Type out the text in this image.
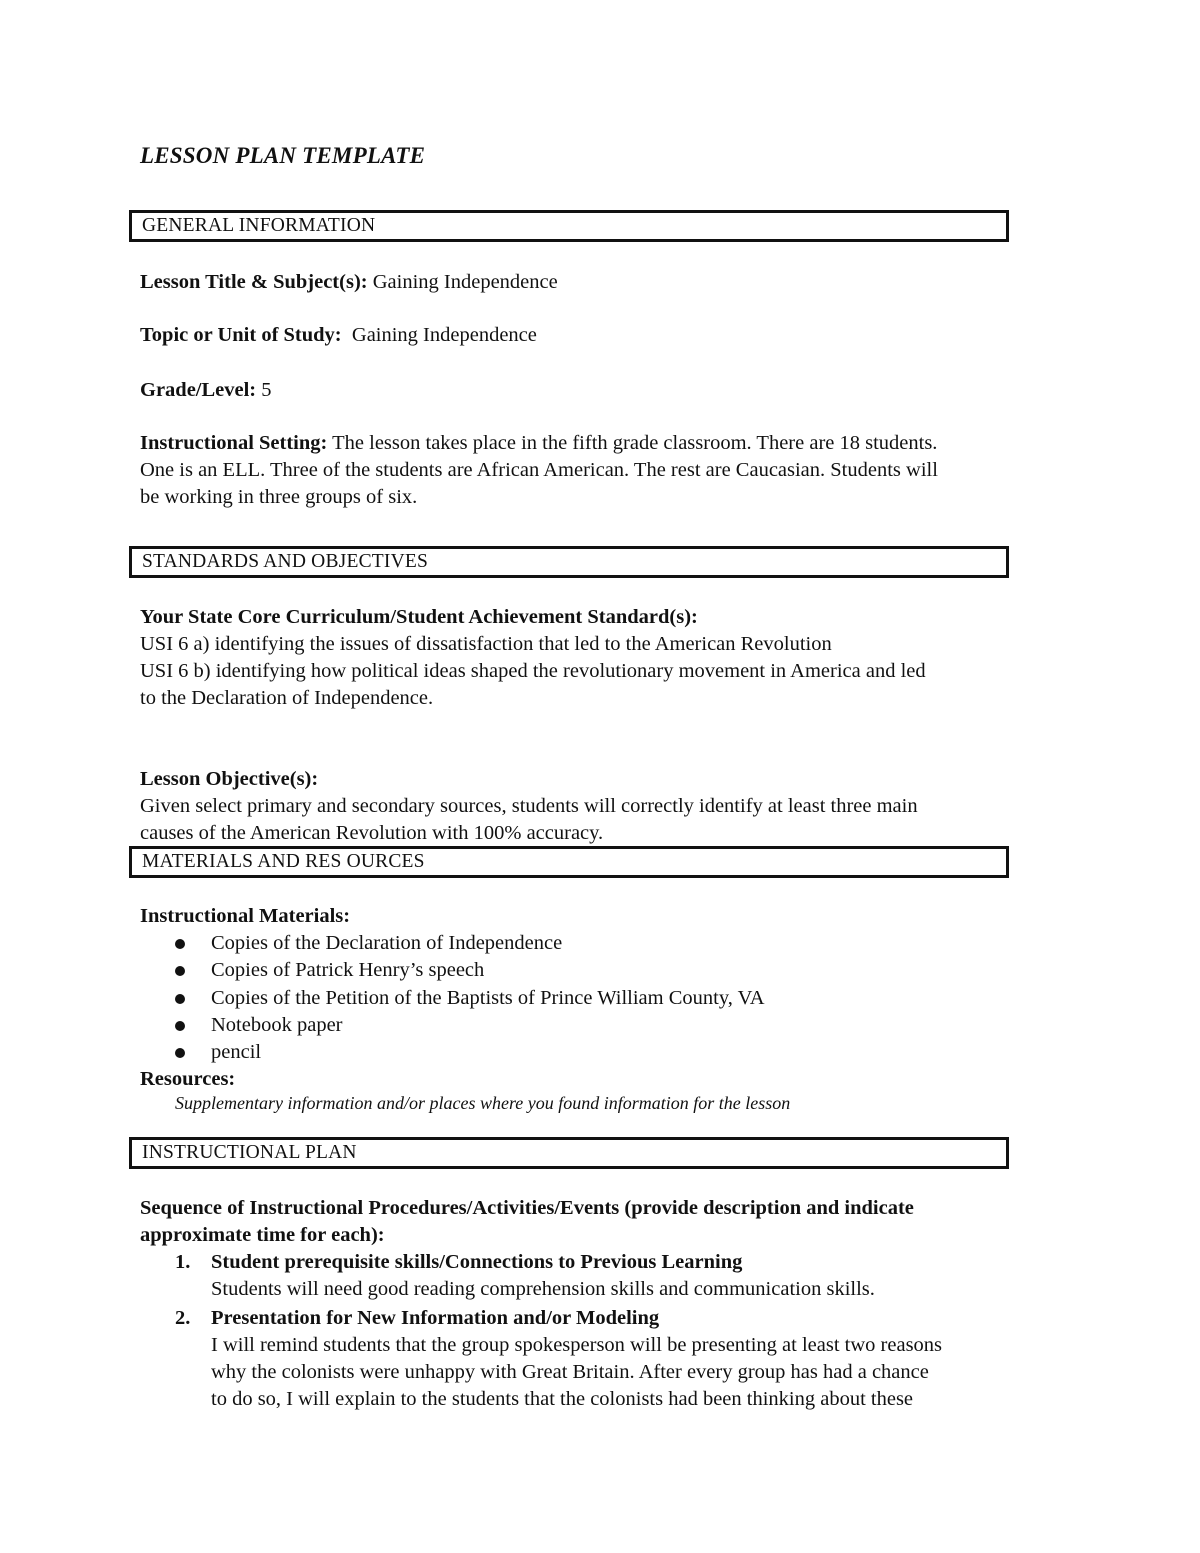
LESSON PLAN TEMPLATE
GENERAL INFORMATION
Lesson Title & Subject(s): Gaining Independence
Topic or Unit of Study: Gaining Independence
Grade/Level: 5
Instructional Setting: The lesson takes place in the fifth grade classroom. There are 18 students.
One is an ELL. Three of the students are African American. The rest are Caucasian. Students will
be working in three groups of six.
STANDARDS AND OBJECTIVES
Your State Core Curriculum/Student Achievement Standard(s):
USI 6 a) identifying the issues of dissatisfaction that led to the American Revolution
USI 6 b) identifying how political ideas shaped the revolutionary movement in America and led
to the Declaration of Independence.
Lesson Objective(s):
Given select primary and secondary sources, students will correctly identify at least three main
causes of the American Revolution with 100% accuracy.
MATERIALS AND RES OURCES
Instructional Materials:
Copies of the Declaration of Independence
Copies of Patrick Henry’s speech
Copies of the Petition of the Baptists of Prince William County, VA
Notebook paper
pencil
Resources:
Supplementary information and/or places where you found information for the lesson
INSTRUCTIONAL PLAN
Sequence of Instructional Procedures/Activities/Events (provide description and indicate
approximate time for each):
1. Student prerequisite skills/Connections to Previous Learning
Students will need good reading comprehension skills and communication skills.
2. Presentation for New Information and/or Modeling
I will remind students that the group spokesperson will be presenting at least two reasons
why the colonists were unhappy with Great Britain. After every group has had a chance
to do so, I will explain to the students that the colonists had been thinking about these
